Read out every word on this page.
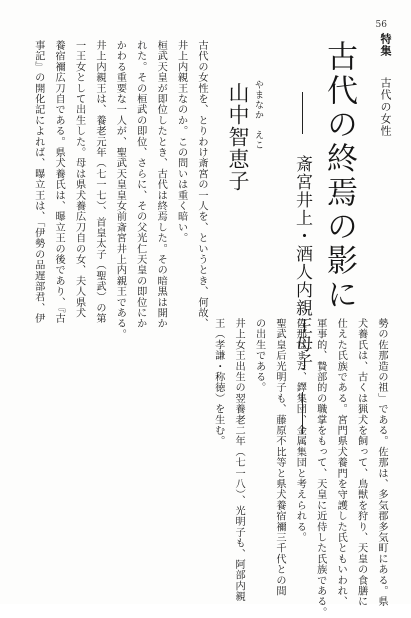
56
特集 古代の女性
古代の終焉の影に
斎宮井上・酒人内親王母子
やまなか　えこ
山中智恵子
古代の女性を、とりわけ斎宮の一人を、というとき、何故、
井上内親王なのか。この問いは重く暗い。
桓武天皇が即位したとき、古代は終焉した。その暗黒は開か
れた。その桓武の即位、さらに、その父光仁天皇の即位にか
かわる重要な一人が、聖武天皇皇女前斎宮井上内親王である。
井上内親王は、養老元年（七一七）、首皇太子（聖武）の第
一王女として出生した。母は県犬養広刀自の女、夫人県犬
養宿禰広刀自である。県犬養氏は、曝立王の後であり、『古
事記』の開化記によれば、曝立王は、「伊勢の品遅部君、伊
勢の佐那造の祖」である。佐那は、多気郡多気町にある。県
犬養氏は、古くは猟犬を飼って、鳥獣を狩り、天皇の食膳に
仕えた氏族である。宮門県犬養門を守護した氏ともいわれ、
軍事的、贄部的の職掌をもって、天皇に近侍した氏族である。
佐那はまた、鐸集団、金属集団と考えられる。
聖武皇后光明子も、藤原不比等と県犬養宿禰三千代との間
の出生である。
井上女王出生の翌養老二年（七一八）、光明子も、阿部内親
王（孝謙・称徳）を生む。
